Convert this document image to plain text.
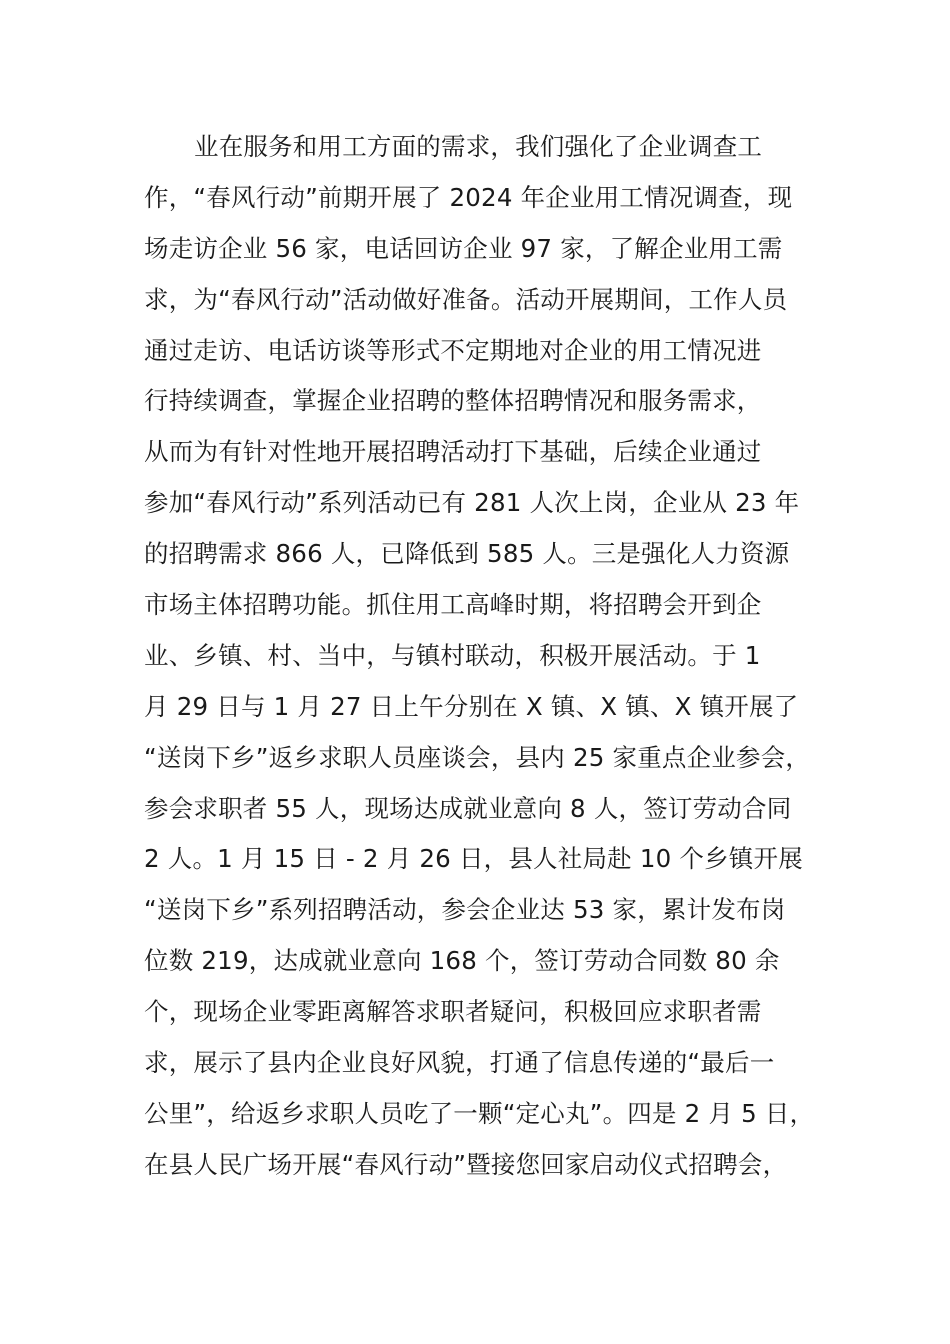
业在服务和用工方面的需求，我们强化了企业调查工
作，“春风行动”前期开展了 2024 年企业用工情况调查，现
场走访企业 56 家，电话回访企业 97 家，了解企业用工需
求，为“春风行动”活动做好准备。活动开展期间，工作人员
通过走访、电话访谈等形式不定期地对企业的用工情况进
行持续调查，掌握企业招聘的整体招聘情况和服务需求，
从而为有针对性地开展招聘活动打下基础，后续企业通过
参加“春风行动”系列活动已有 281 人次上岗，企业从 23 年
的招聘需求 866 人，已降低到 585 人。三是强化人力资源
市场主体招聘功能。抓住用工高峰时期，将招聘会开到企
业、乡镇、村、当中，与镇村联动，积极开展活动。于 1
月 29 日与 1 月 27 日上午分别在 X 镇、X 镇、X 镇开展了
“送岗下乡”返乡求职人员座谈会，县内 25 家重点企业参会，
参会求职者 55 人，现场达成就业意向 8 人，签订劳动合同
2 人。1 月 15 日 - 2 月 26 日，县人社局赴 10 个乡镇开展
“送岗下乡”系列招聘活动，参会企业达 53 家，累计发布岗
位数 219，达成就业意向 168 个，签订劳动合同数 80 余
个，现场企业零距离解答求职者疑问，积极回应求职者需
求，展示了县内企业良好风貌，打通了信息传递的“最后一
公里”，给返乡求职人员吃了一颗“定心丸”。四是 2 月 5 日，
在县人民广场开展“春风行动”暨接您回家启动仪式招聘会，
